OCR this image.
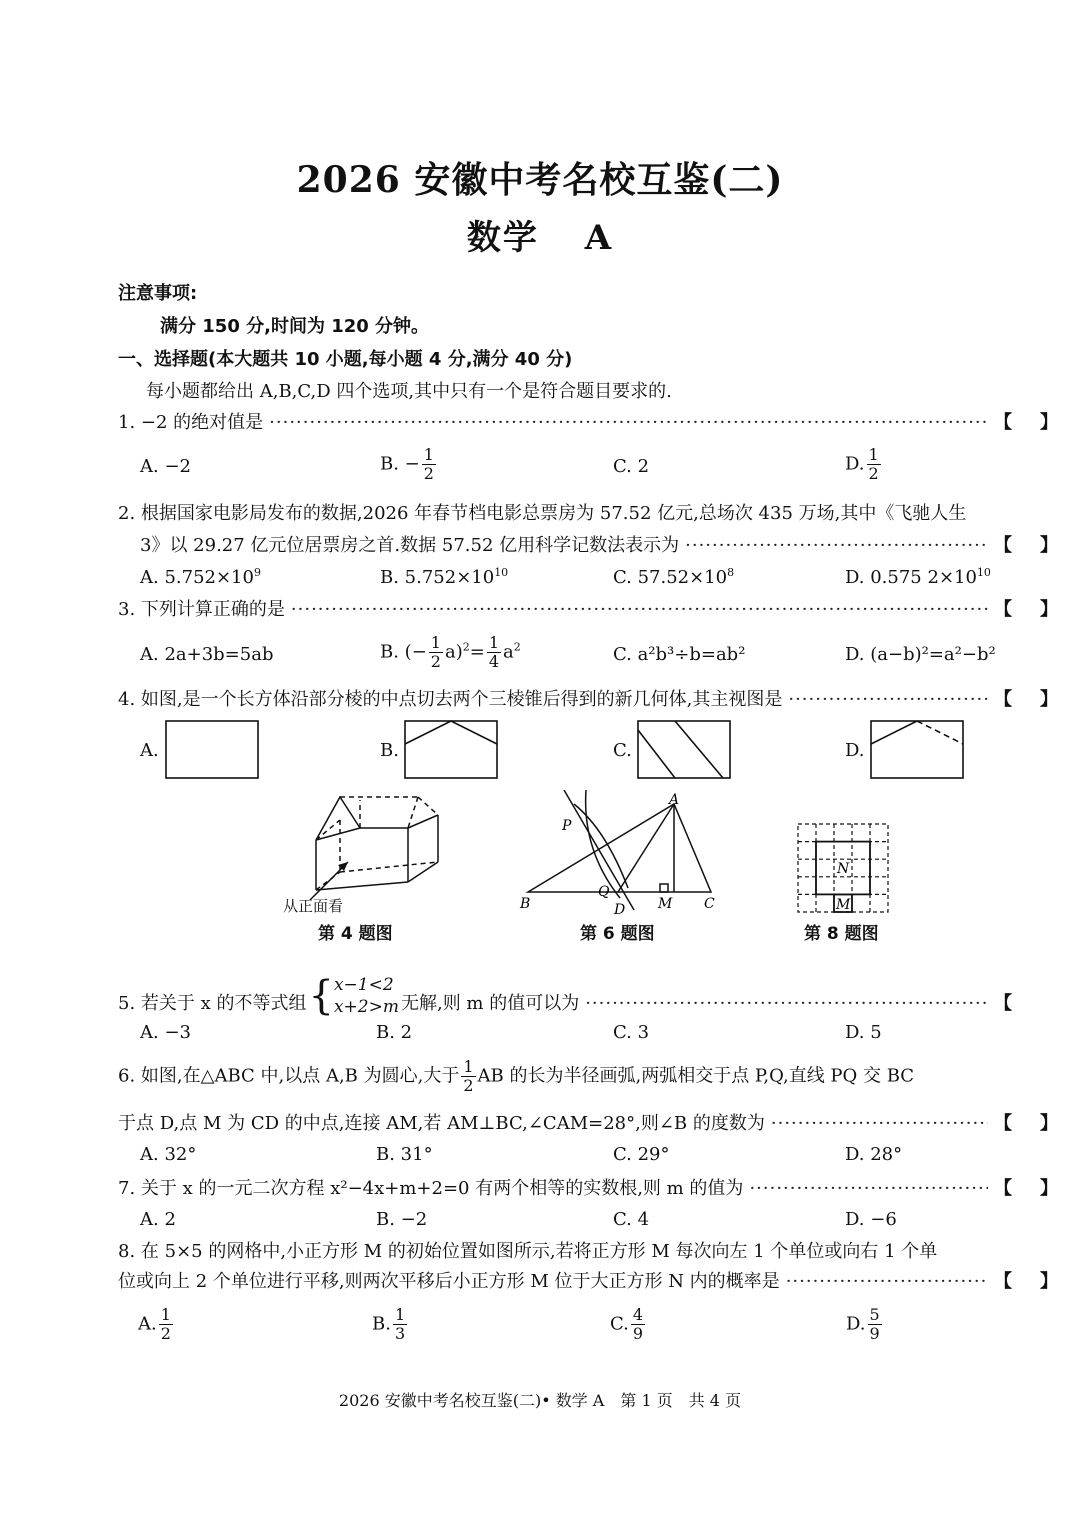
2026 安徽中考名校互鉴(二)
数学 A
注意事项:
满分 150 分,时间为 120 分钟。
一、选择题(本大题共 10 小题,每小题 4 分,满分 40 分)
每小题都给出 A,B,C,D 四个选项,其中只有一个是符合题目要求的.
1. −2 的绝对值是 ·····	【 】
A. −2	B. − $\frac{1}{2}$	C. 2	D. $\frac{1}{2}$
2. 根据国家电影局发布的数据,2026 年春节档电影总票房为 57.52 亿元,总场次 435 万场,其中《飞驰人生
3》以 29.27 亿元位居票房之首.数据 57.52 亿用科学记数法表示为 ·····	【 】
A. $5.752\times 10^9$	B. $5.752\times 10^{10}$	C. $57.52\times 10^8$	D. 0.575 $2\times 10^{10}$
3. 下列计算正确的是 ·····	【 】
A. 2a+3b=5ab	B. (− $\frac{1}{2} a)^2= \frac{1}{4} a^2$	C. a²b³÷b=ab²	D. (a−b)²=a²−b²
4. 如图,是一个长方体沿部分棱的中点切去两个三棱锥后得到的新几何体,其主视图是 ·····	【 】
A.	B.	C.	D.
从正面看
第 4 题图
A
B	C
D M
P
Q
第 6 题图
N
M
第 8 题图
5. 若关于 x 的不等式组 { x−1<2
x+2>m 无解,则 m 的值可以为 ·····	【
A. −3	B. 2	C. 3	D. 5
6. 如图,在△ABC 中,以点 A,B 为圆心,大于 $\frac{1}{2}$ AB 的长为半径画弧,两弧相交于点 P,Q,直线 PQ 交 BC
于点 D,点 M 为 CD 的中点,连接 AM,若 AM⊥BC,∠CAM=28°,则∠B 的度数为 ·····	【 】
A. 32°	B. 31°	C. 29°	D. 28°
7. 关于 x 的一元二次方程 x²−4x+m+2=0 有两个相等的实数根,则 m 的值为 ·····	【 】
A. 2	B. −2	C. 4	D. −6
8. 在 5×5 的网格中,小正方形 M 的初始位置如图所示,若将正方形 M 每次向左 1 个单位或向右 1 个单
位或向上 2 个单位进行平移,则两次平移后小正方形 M 位于大正方形 N 内的概率是 ·····	【 】
A. $\frac{1}{2}$	B. $\frac{1}{3}$	C. $\frac{4}{9}$	D. $\frac{5}{9}$
2026 安徽中考名校互鉴(二)• 数学 A　第 1 页　共 4 页
